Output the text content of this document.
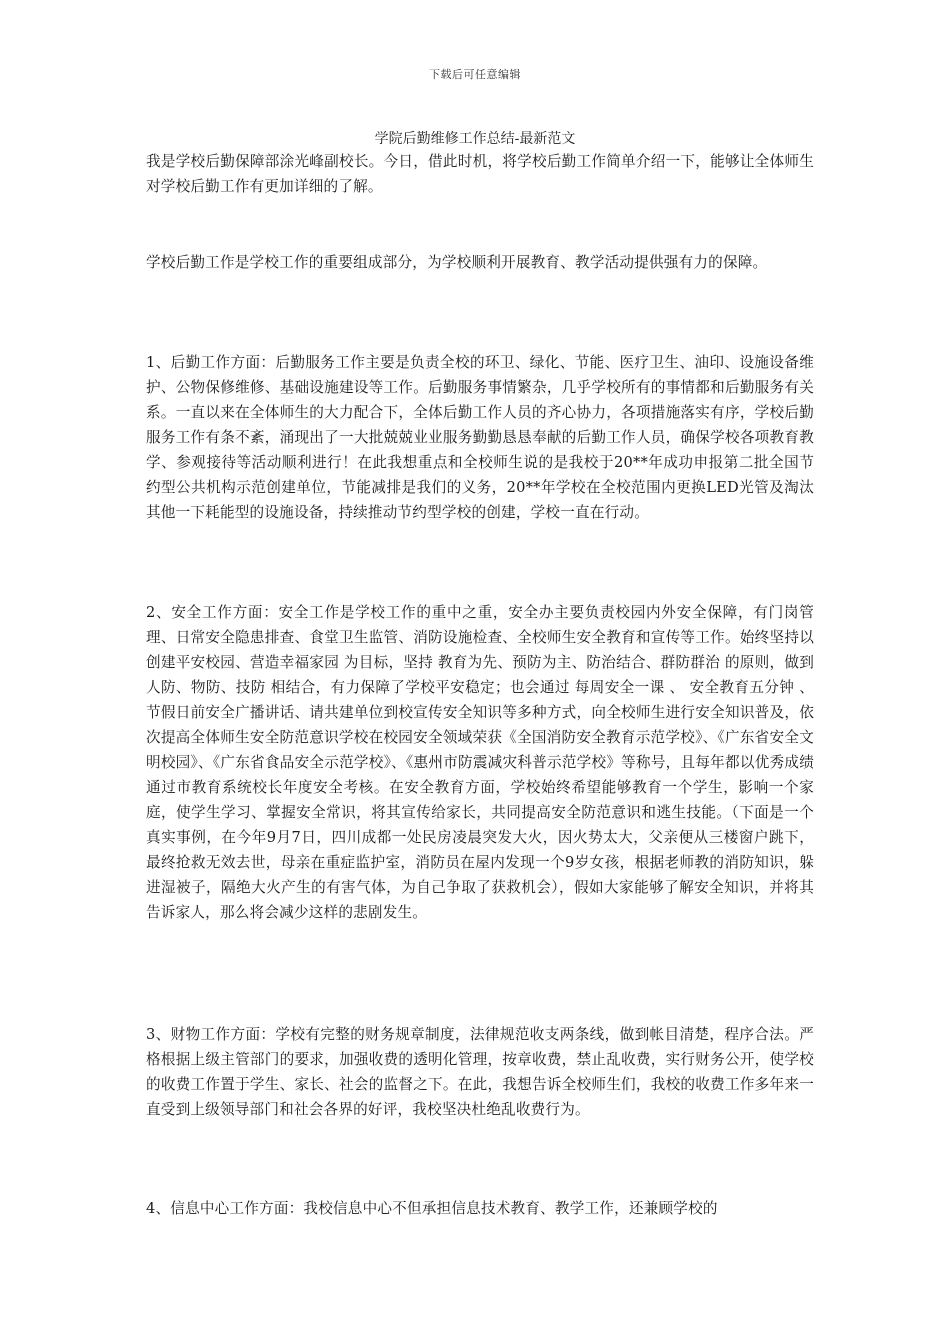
下载后可任意编辑
学院后勤维修工作总结-最新范文

我是学校后勤保障部涂光峰副校长。今日，借此时机，将学校后勤工作简单介绍一下，能够让全体师生对学校后勤工作有更加详细的了解。

学校后勤工作是学校工作的重要组成部分，为学校顺利开展教育、教学活动提供强有力的保障。

1、后勤工作方面：后勤服务工作主要是负责全校的环卫、绿化、节能、医疗卫生、油印、设施设备维护、公物保修维修、基础设施建设等工作。后勤服务事情繁杂，几乎学校所有的事情都和后勤服务有关系。一直以来在全体师生的大力配合下，全体后勤工作人员的齐心协力，各项措施落实有序，学校后勤服务工作有条不紊，涌现出了一大批兢兢业业服务勤勤恳恳奉献的后勤工作人员，确保学校各项教育教学、参观接待等活动顺利进行！在此我想重点和全校师生说的是我校于20**年成功申报第二批全国节约型公共机构示范创建单位，节能减排是我们的义务，20**年学校在全校范围内更换LED光管及淘汰其他一下耗能型的设施设备，持续推动节约型学校的创建，学校一直在行动。

2、安全工作方面：安全工作是学校工作的重中之重，安全办主要负责校园内外安全保障，有门岗管理、日常安全隐患排查、食堂卫生监管、消防设施检查、全校师生安全教育和宣传等工作。始终坚持以 创建平安校园、营造幸福家园 为目标，坚持 教育为先、预防为主、防治结合、群防群治 的原则，做到 人防、物防、技防 相结合，有力保障了学校平安稳定；也会通过 每周安全一课 、 安全教育五分钟 、节假日前安全广播讲话、请共建单位到校宣传安全知识等多种方式，向全校师生进行安全知识普及，依次提高全体师生安全防范意识学校在校园安全领域荣获《全国消防安全教育示范学校》、《广东省安全文明校园》、《广东省食品安全示范学校》、《惠州市防震减灾科普示范学校》等称号，且每年都以优秀成绩通过市教育系统校长年度安全考核。在安全教育方面，学校始终希望能够教育一个学生，影响一个家庭，使学生学习、掌握安全常识，将其宣传给家长，共同提高安全防范意识和逃生技能。（下面是一个真实事例，在今年9月7日，四川成都一处民房凌晨突发大火，因火势太大，父亲便从三楼窗户跳下，最终抢救无效去世，母亲在重症监护室，消防员在屋内发现一个9岁女孩，根据老师教的消防知识，躲进湿被子，隔绝大火产生的有害气体，为自己争取了获救机会），假如大家能够了解安全知识，并将其告诉家人，那么将会减少这样的悲剧发生。

3、财物工作方面：学校有完整的财务规章制度，法律规范收支两条线，做到帐目清楚，程序合法。严格根据上级主管部门的要求，加强收费的透明化管理，按章收费，禁止乱收费，实行财务公开，使学校的收费工作置于学生、家长、社会的监督之下。在此，我想告诉全校师生们，我校的收费工作多年来一直受到上级领导部门和社会各界的好评，我校坚决杜绝乱收费行为。

4、信息中心工作方面：我校信息中心不但承担信息技术教育、教学工作，还兼顾学校的
